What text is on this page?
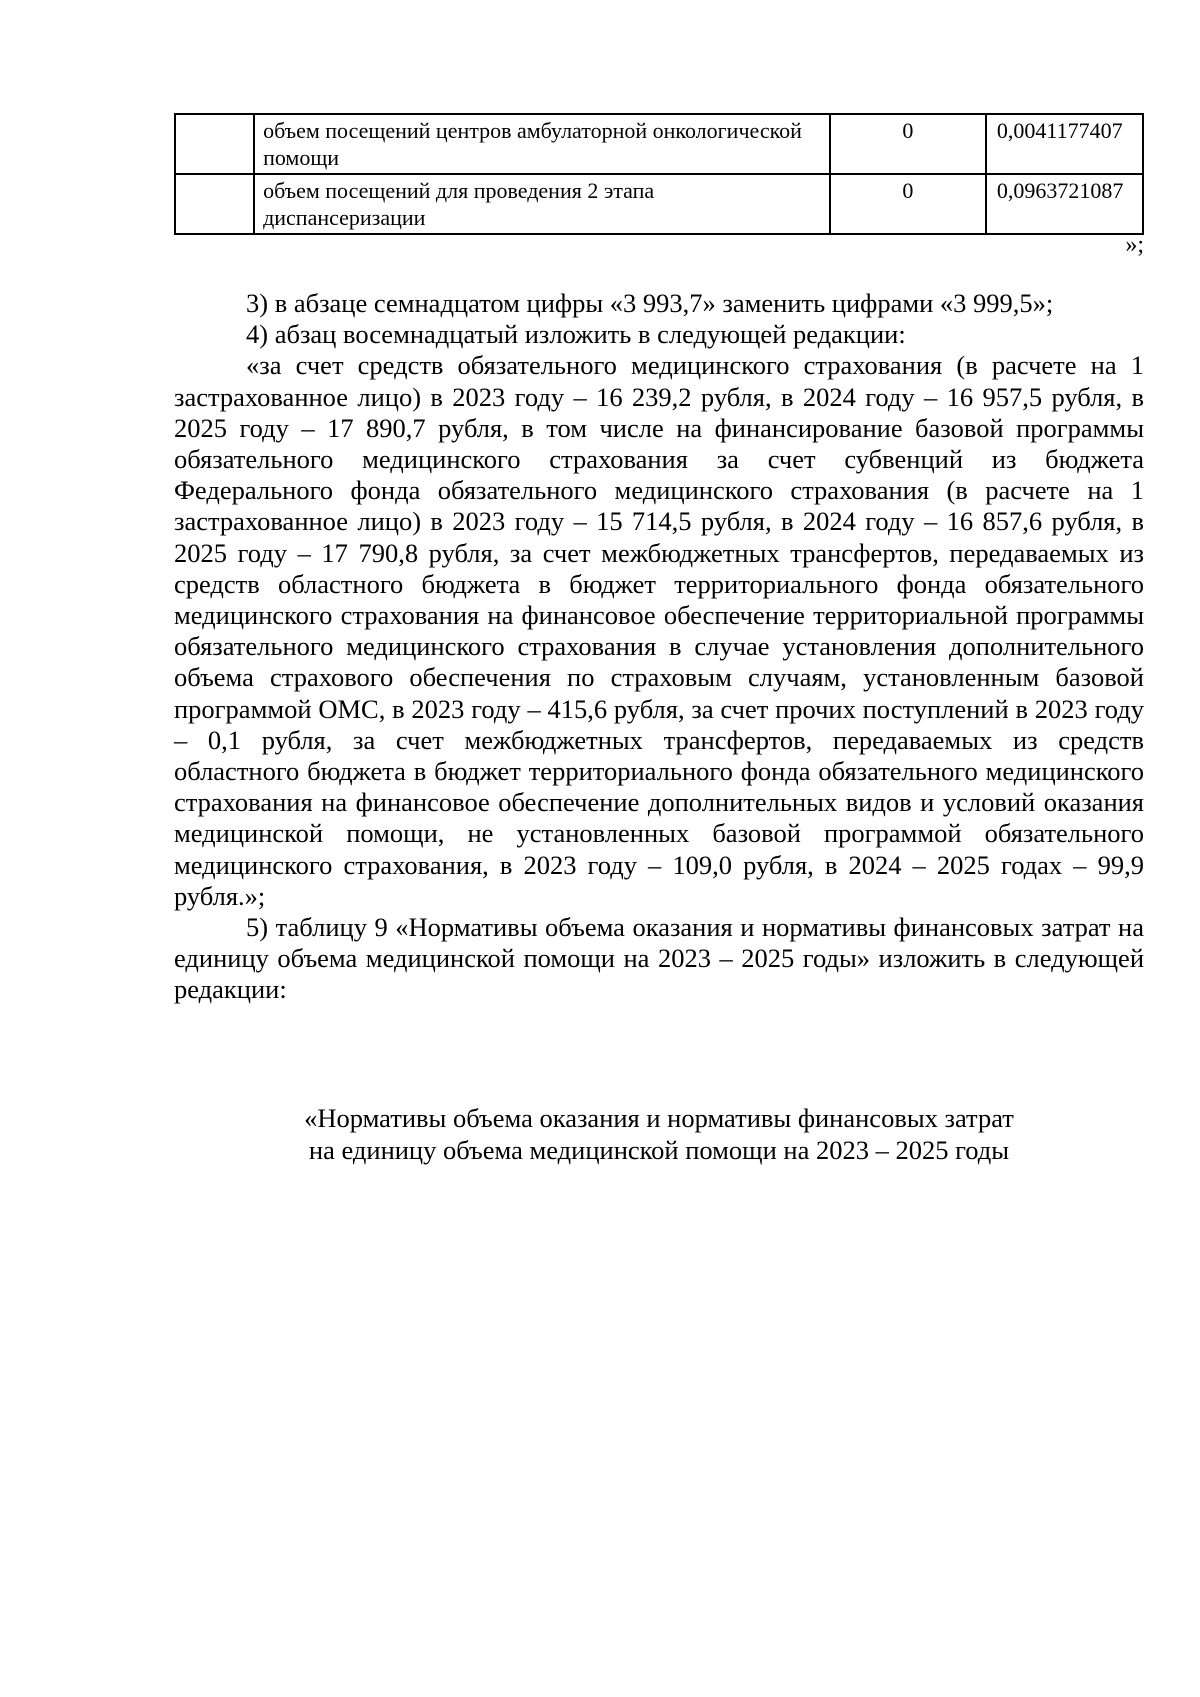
	объем посещений центров амбулаторной онкологической помощи	0	0,0041177407
	объем посещений для проведения 2 этапа диспансеризации	0	0,0963721087
»;

3) в абзаце семнадцатом цифры «3 993,7» заменить цифрами «3 999,5»;

4) абзац восемнадцатый изложить в следующей редакции:

«за счет средств обязательного медицинского страхования (в расчете на 1 застрахованное лицо) в 2023 году – 16 239,2 рубля, в 2024 году – 16 957,5 рубля, в 2025 году – 17 890,7 рубля, в том числе на финансирование базовой программы обязательного медицинского страхования за счет субвенций из бюджета Федерального фонда обязательного медицинского страхования (в расчете на 1 застрахованное лицо) в 2023 году – 15 714,5 рубля, в 2024 году – 16 857,6 рубля, в 2025 году – 17 790,8 рубля, за счет межбюджетных трансфертов, передаваемых из средств областного бюджета в бюджет территориального фонда обязательного медицинского страхования на финансовое обеспечение территориальной программы обязательного медицинского страхования в случае установления дополнительного объема страхового обеспечения по страховым случаям, установленным базовой программой ОМС, в 2023 году – 415,6 рубля, за счет прочих поступлений в 2023 году – 0,1 рубля, за счет межбюджетных трансфертов, передаваемых из средств областного бюджета в бюджет территориального фонда обязательного медицинского страхования на финансовое обеспечение дополнительных видов и условий оказания медицинской помощи, не установленных базовой программой обязательного медицинского страхования, в 2023 году – 109,0 рубля, в 2024 – 2025 годах – 99,9 рубля.»;

5) таблицу 9 «Нормативы объема оказания и нормативы финансовых затрат на единицу объема медицинской помощи на 2023 – 2025 годы» изложить в следующей редакции:

«Нормативы объема оказания и нормативы финансовых затрат
на единицу объема медицинской помощи на 2023 – 2025 годы
